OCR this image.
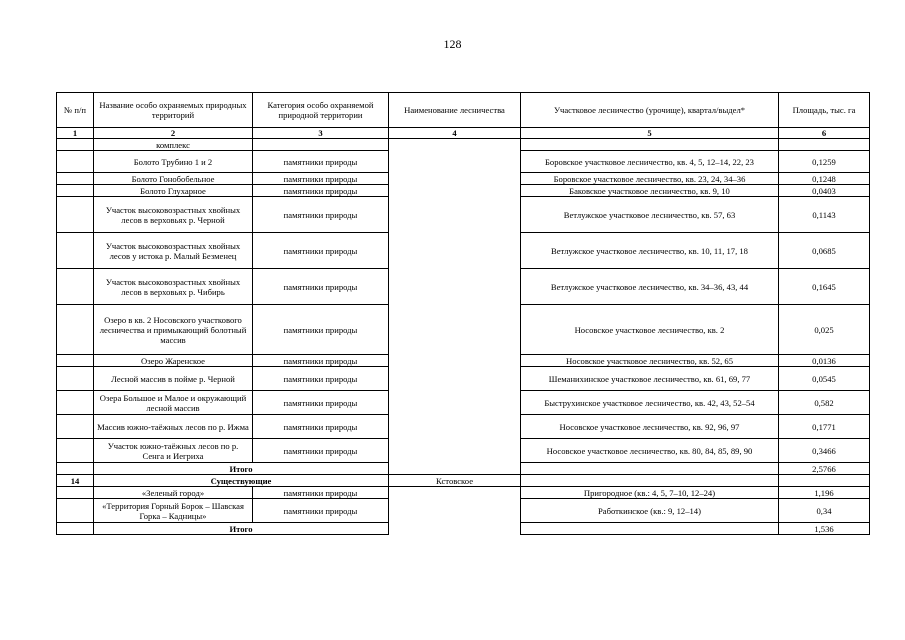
128
№ п/п	Название особо охраняемых природных территорий	Категория особо охраняемой природной территории	Наименование лесничества	Участковое лесничество (урочище), квартал/выдел*	Площадь, тыс. га
1	2	3	4	5	6
	комплекс				
	Болото Трубино 1 и 2	памятники природы		Боровское участковое лесничество, кв. 4, 5, 12–14, 22, 23	0,1259
	Болото Гонобобельное	памятники природы		Боровское участковое лесничество, кв. 23, 24, 34–36	0,1248
	Болото Глухарное	памятники природы		Баковское участковое лесничество, кв. 9, 10	0,0403
	Участок высоковозрастных хвойных лесов в верховьях р. Черной	памятники природы		Ветлужское участковое лесничество, кв. 57, 63	0,1143
	Участок высоковозрастных хвойных лесов у истока р. Малый Безменец	памятники природы		Ветлужское участковое лесничество, кв. 10, 11, 17, 18	0,0685
	Участок высоковозрастных хвойных лесов в верховьях р. Чибирь	памятники природы		Ветлужское участковое лесничество, кв. 34–36, 43, 44	0,1645
	Озеро в кв. 2 Носовского участкового лесничества и примыкающий болотный массив	памятники природы		Носовское участковое лесничество, кв. 2	0,025
	Озеро Жаренское	памятники природы		Носовское участковое лесничество, кв. 52, 65	0,0136
	Лесной массив в пойме р. Черной	памятники природы		Шеманихинское участковое лесничество, кв. 61, 69, 77	0,0545
	Озера Большое и Малое и окружающий лесной массив	памятники природы		Быструхинское участковое лесничество, кв. 42, 43, 52–54	0,582
	Массив южно-таёжных лесов по р. Ижма	памятники природы		Носовское участковое лесничество, кв. 92, 96, 97	0,1771
	Участок южно-таёжных лесов по р. Сенга и Иегриха	памятники природы		Носовское участковое лесничество, кв. 80, 84, 85, 89, 90	0,3466
	Итого				2,5766
14	Существующие		Кстовское		
	«Зеленый город»	памятники природы		Пригородное (кв.: 4, 5, 7–10, 12–24)	1,196
	«Территория Горный Борок – Шавская Горка – Кадницы»	памятники природы		Работкинское (кв.: 9, 12–14)	0,34
	Итого				1,536
